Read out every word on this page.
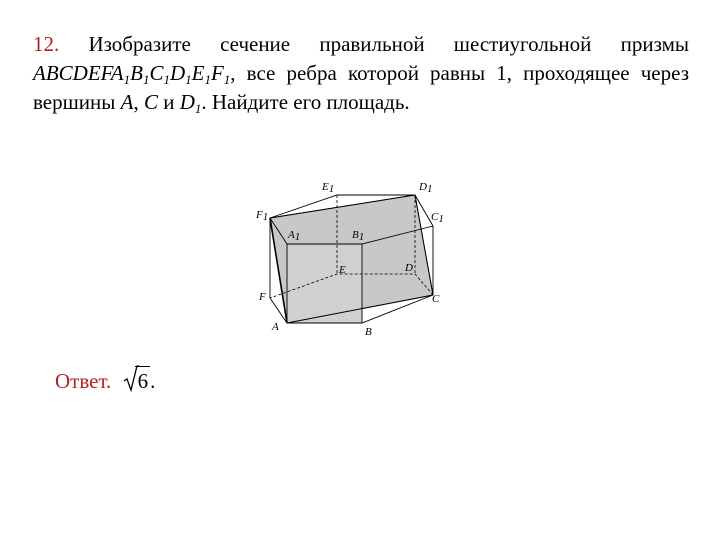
12. Изобразите сечение правильной шестиугольной призмы $ABCDEFA_1B_1C_1D_1E_1F_1$, все ребра которой равны 1, проходящее через вершины A, C и $D_1$. Найдите его площадь.
E1	D1
F1	C1
A1	B1
E	D
F	C
A	B
Ответ. 6.
